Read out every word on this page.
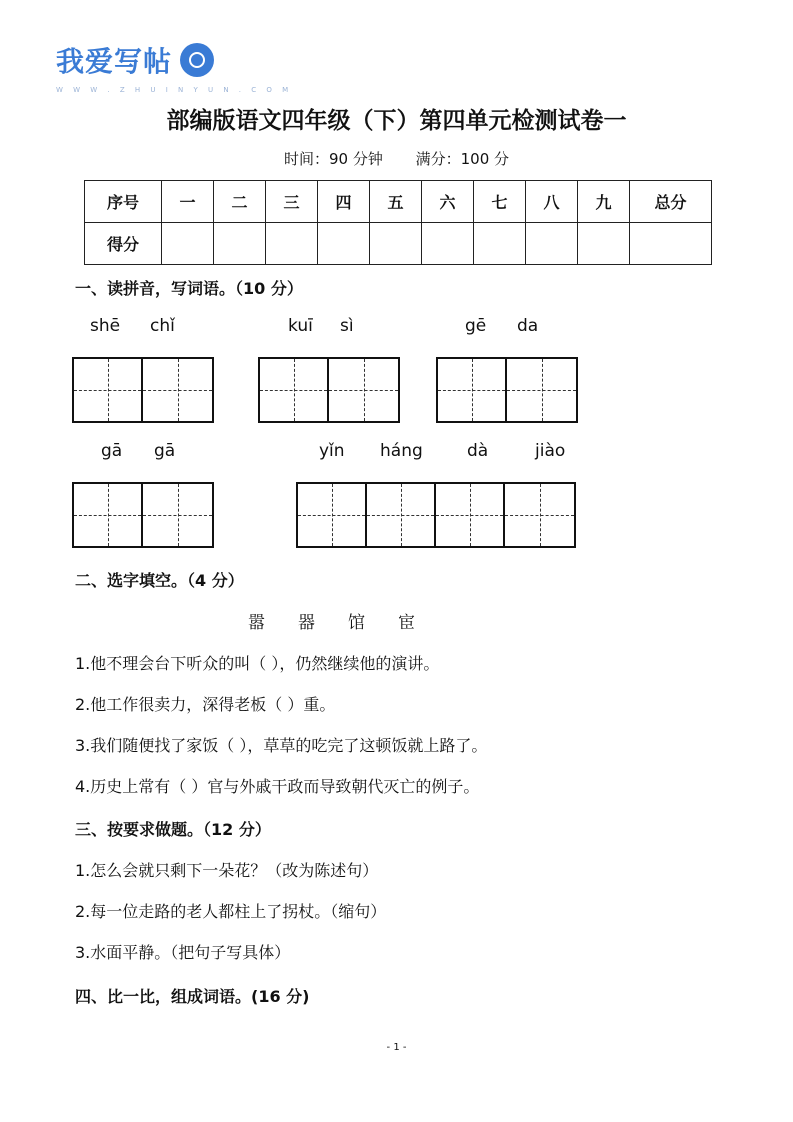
我爱写帖
W W W . Z H U I N Y U N . C O M
部编版语文四年级（下）第四单元检测试卷一
时间：90 分钟 满分：100 分
序号	一	二	三	四	五	六	七	八	九	总分
得分										
一、读拼音，写词语。（10 分）
shē chǐ	kuī sì	gē da
gā gā	yǐn háng	dà	jiào
二、选字填空。（4 分）
嚣 器 馆 宦
1.他不理会台下听众的叫（ ），仍然继续他的演讲。
2.他工作很卖力，深得老板（ ）重。
3.我们随便找了家饭（ ），草草的吃完了这顿饭就上路了。
4.历史上常有（ ）官与外戚干政而导致朝代灭亡的例子。
三、按要求做题。（12 分）
1.怎么会就只剩下一朵花？（改为陈述句）
2.每一位走路的老人都柱上了拐杖。（缩句）
3.水面平静。（把句子写具体）
四、比一比，组成词语。(16 分)
- 1 -
